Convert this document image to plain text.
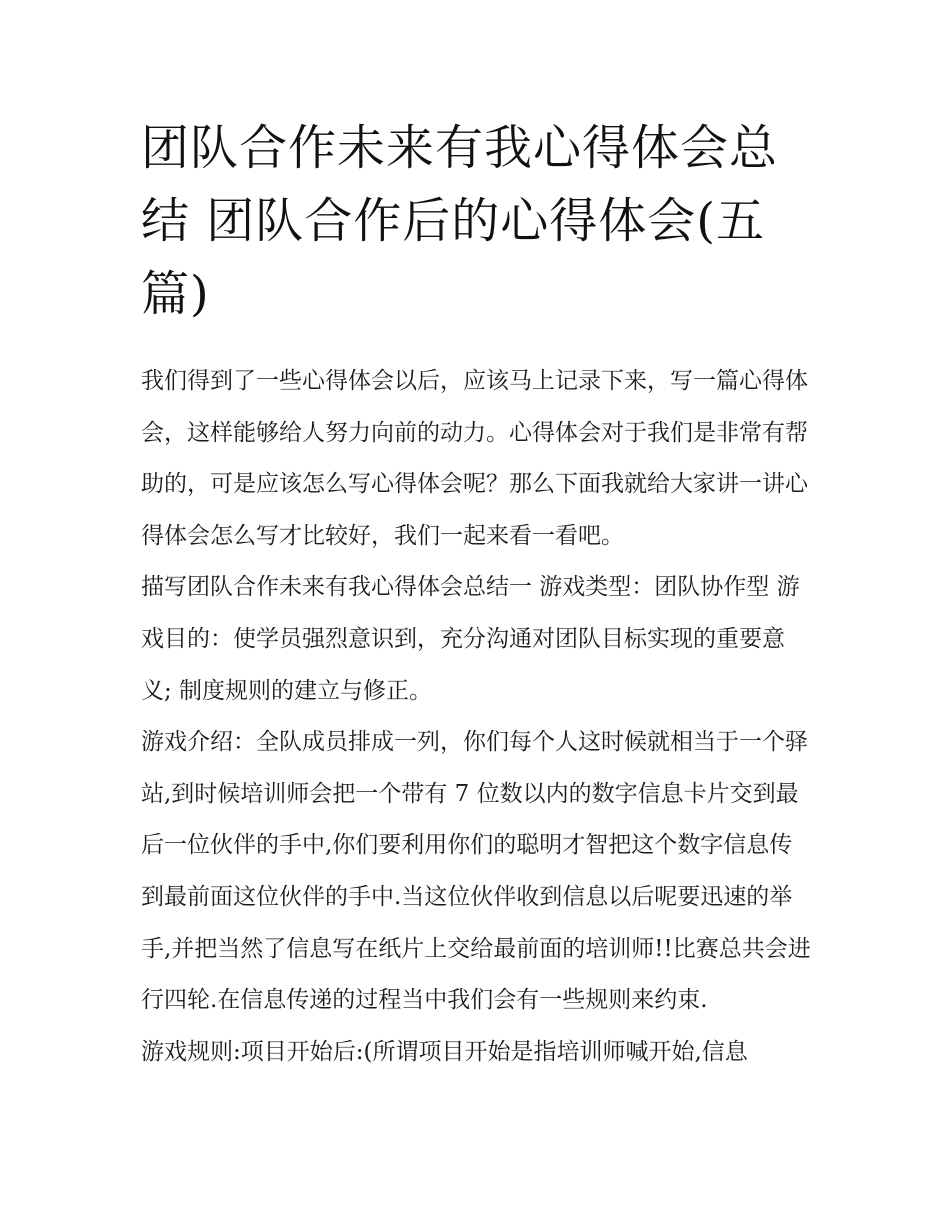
团队合作未来有我心得体会总结 团队合作后的心得体会(五篇)

我们得到了一些心得体会以后，应该马上记录下来，写一篇心得体会，这样能够给人努力向前的动力。心得体会对于我们是非常有帮助的，可是应该怎么写心得体会呢？那么下面我就给大家讲一讲心得体会怎么写才比较好，我们一起来看一看吧。

描写团队合作未来有我心得体会总结一 游戏类型：团队协作型 游戏目的：使学员强烈意识到，充分沟通对团队目标实现的重要意义; 制度规则的建立与修正。

游戏介绍：全队成员排成一列，你们每个人这时候就相当于一个驿站,到时候培训师会把一个带有 7 位数以内的数字信息卡片交到最后一位伙伴的手中,你们要利用你们的聪明才智把这个数字信息传到最前面这位伙伴的手中.当这位伙伴收到信息以后呢要迅速的举手,并把当然了信息写在纸片上交给最前面的培训师!!比赛总共会进行四轮.在信息传递的过程当中我们会有一些规则来约束.

游戏规则:项目开始后:(所谓项目开始是指培训师喊开始,信息
